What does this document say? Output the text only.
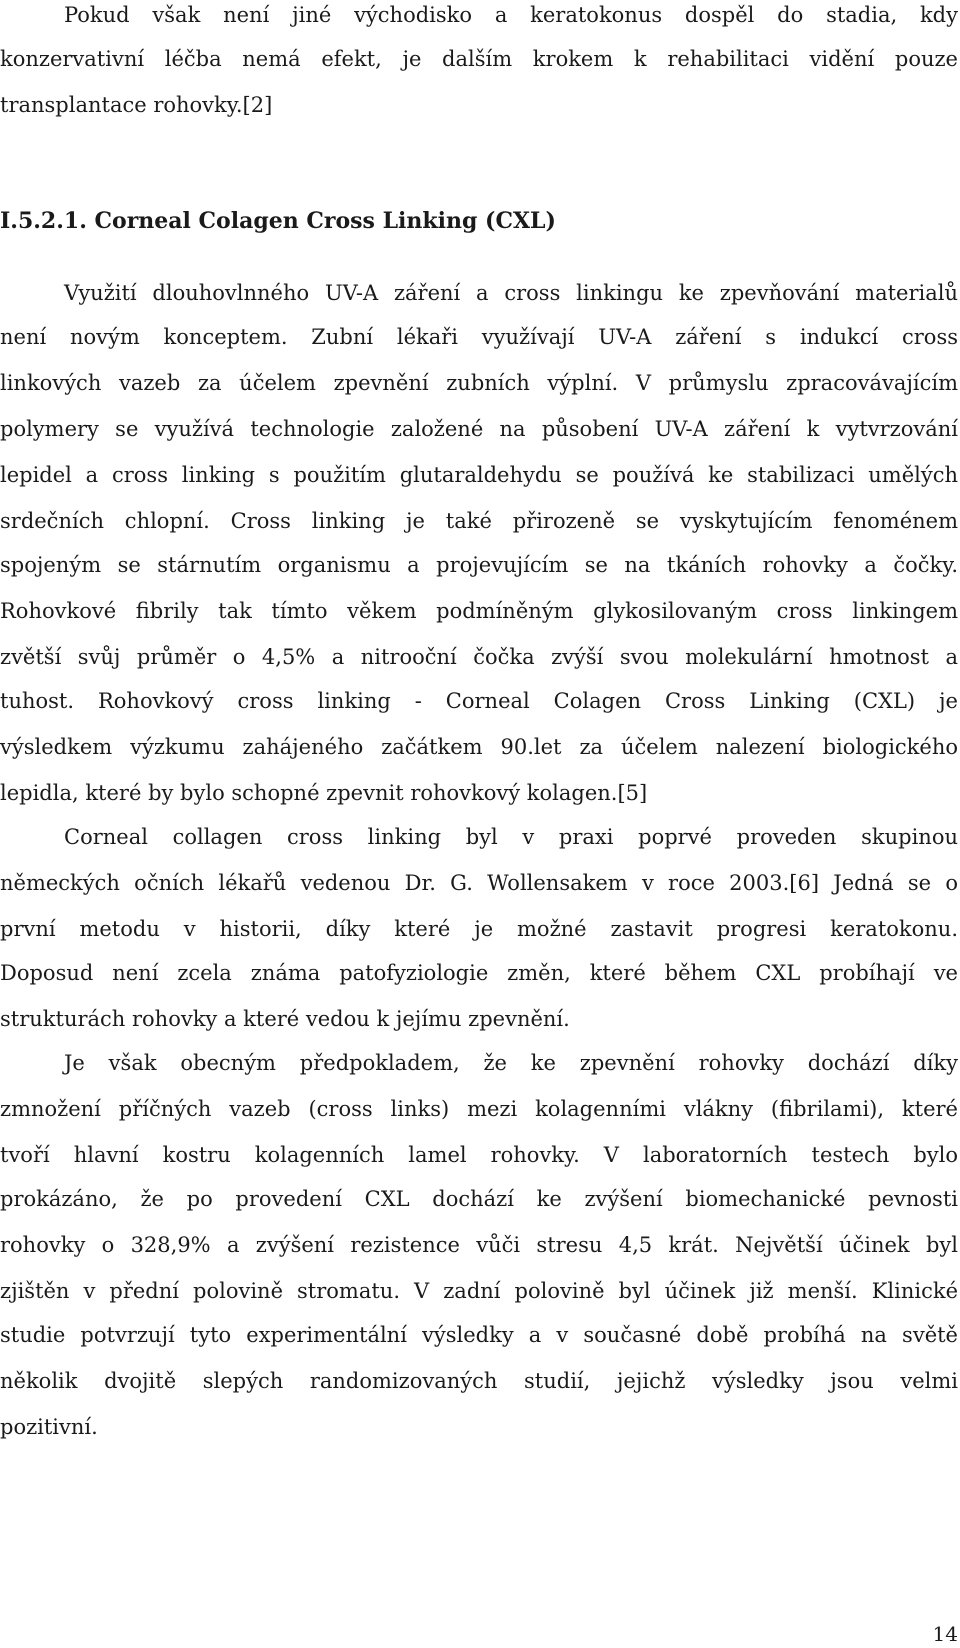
Pokud však není jiné východisko a keratokonus dospěl do stadia, kdy

konzervativní léčba nemá efekt, je dalším krokem k rehabilitaci vidění pouze

transplantace rohovky.[2]

I.5.2.1. Corneal Colagen Cross Linking (CXL)

Využití dlouhovlnného UV-A záření a cross linkingu ke zpevňování materialů

není novým konceptem. Zubní lékaři využívají UV-A záření s indukcí cross

linkových vazeb za účelem zpevnění zubních výplní. V průmyslu zpracovávajícím

polymery se využívá technologie založené na působení UV-A záření k vytvrzování

lepidel a cross linking s použitím glutaraldehydu se používá ke stabilizaci umělých

srdečních chlopní. Cross linking je také přirozeně se vyskytujícím fenoménem

spojeným se stárnutím organismu a projevujícím se na tkáních rohovky a čočky.

Rohovkové fibrily tak tímto věkem podmíněným glykosilovaným cross linkingem

zvětší svůj průměr o 4,5% a nitrooční čočka zvýší svou molekulární hmotnost a

tuhost. Rohovkový cross linking - Corneal Colagen Cross Linking (CXL) je

výsledkem výzkumu zahájeného začátkem 90.let za účelem nalezení biologického

lepidla, které by bylo schopné zpevnit rohovkový kolagen.[5]

Corneal collagen cross linking byl v praxi poprvé proveden skupinou

německých očních lékařů vedenou Dr. G. Wollensakem v roce 2003.[6] Jedná se o

první metodu v historii, díky které je možné zastavit progresi keratokonu.

Doposud není zcela známa patofyziologie změn, které během CXL probíhají ve

strukturách rohovky a které vedou k jejímu zpevnění.

Je však obecným předpokladem, že ke zpevnění rohovky dochází díky

zmnožení příčných vazeb (cross links) mezi kolagenními vlákny (fibrilami), které

tvoří hlavní kostru kolagenních lamel rohovky. V laboratorních testech bylo

prokázáno, že po provedení CXL dochází ke zvýšení biomechanické pevnosti

rohovky o 328,9% a zvýšení rezistence vůči stresu 4,5 krát. Největší účinek byl

zjištěn v přední polovině stromatu. V zadní polovině byl účinek již menší. Klinické

studie potvrzují tyto experimentální výsledky a v současné době probíhá na světě

několik dvojitě slepých randomizovaných studií, jejichž výsledky jsou velmi

pozitivní.

14
